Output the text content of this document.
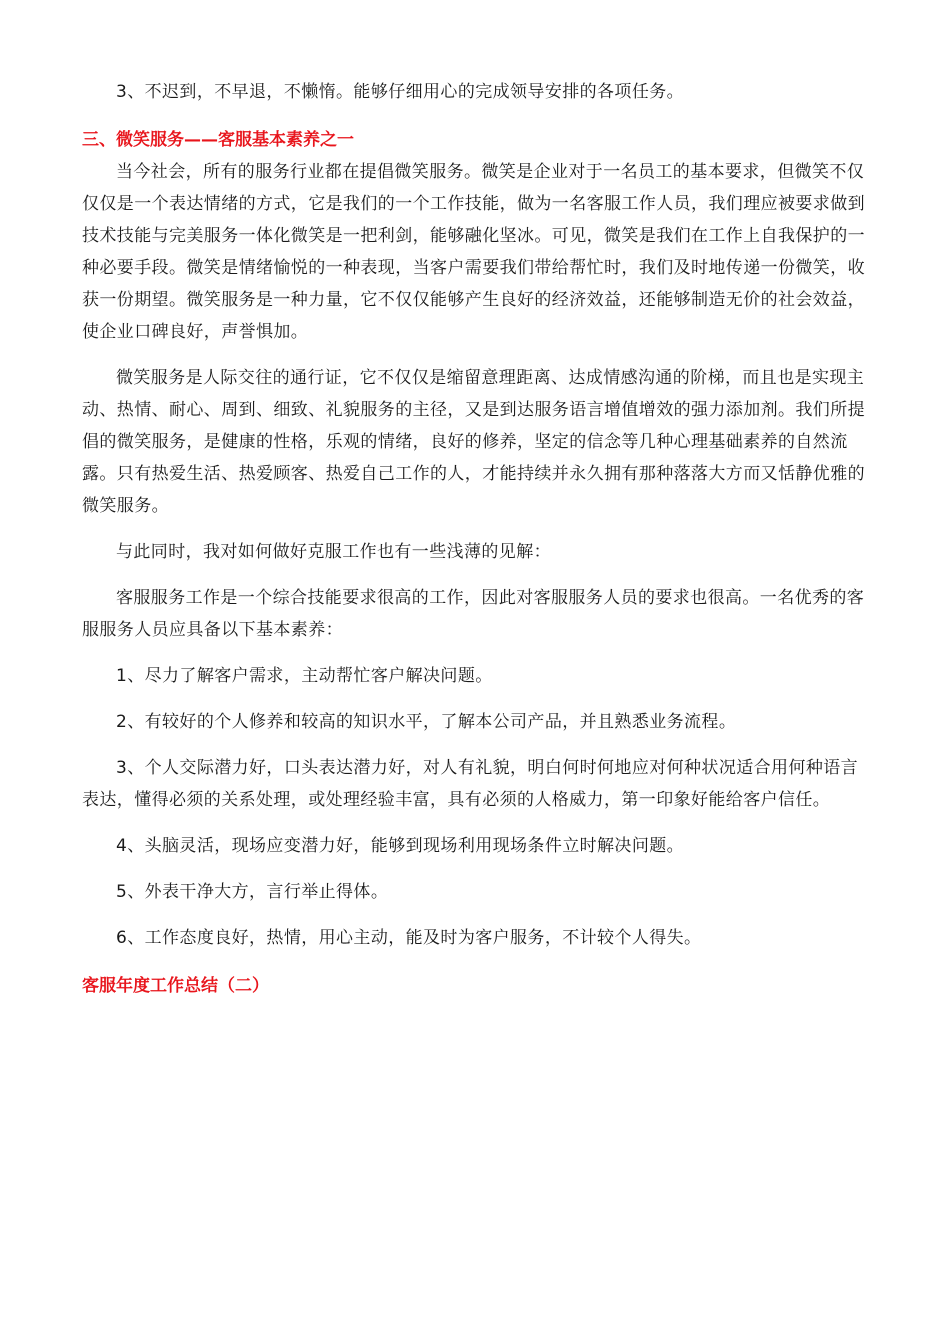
3、不迟到，不早退，不懒惰。能够仔细用心的完成领导安排的各项任务。

三、微笑服务——客服基本素养之一

当今社会，所有的服务行业都在提倡微笑服务。微笑是企业对于一名员工的基本要求，但微笑不仅仅仅是一个表达情绪的方式，它是我们的一个工作技能，做为一名客服工作人员，我们理应被要求做到技术技能与完美服务一体化微笑是一把利剑，能够融化坚冰。可见，微笑是我们在工作上自我保护的一种必要手段。微笑是情绪愉悦的一种表现，当客户需要我们带给帮忙时，我们及时地传递一份微笑，收获一份期望。微笑服务是一种力量，它不仅仅能够产生良好的经济效益，还能够制造无价的社会效益，使企业口碑良好，声誉惧加。

微笑服务是人际交往的通行证，它不仅仅是缩留意理距离、达成情感沟通的阶梯，而且也是实现主动、热情、耐心、周到、细致、礼貌服务的主径，又是到达服务语言增值增效的强力添加剂。我们所提倡的微笑服务，是健康的性格，乐观的情绪，良好的修养，坚定的信念等几种心理基础素养的自然流露。只有热爱生活、热爱顾客、热爱自己工作的人，才能持续并永久拥有那种落落大方而又恬静优雅的微笑服务。

与此同时，我对如何做好克服工作也有一些浅薄的见解：

客服服务工作是一个综合技能要求很高的工作，因此对客服服务人员的要求也很高。一名优秀的客服服务人员应具备以下基本素养：

1、尽力了解客户需求，主动帮忙客户解决问题。

2、有较好的个人修养和较高的知识水平，了解本公司产品，并且熟悉业务流程。

3、个人交际潜力好，口头表达潜力好，对人有礼貌，明白何时何地应对何种状况适合用何种语言表达，懂得必须的关系处理，或处理经验丰富，具有必须的人格威力，第一印象好能给客户信任。

4、头脑灵活，现场应变潜力好，能够到现场利用现场条件立时解决问题。

5、外表干净大方，言行举止得体。

6、工作态度良好，热情，用心主动，能及时为客户服务，不计较个人得失。

客服年度工作总结（二）
